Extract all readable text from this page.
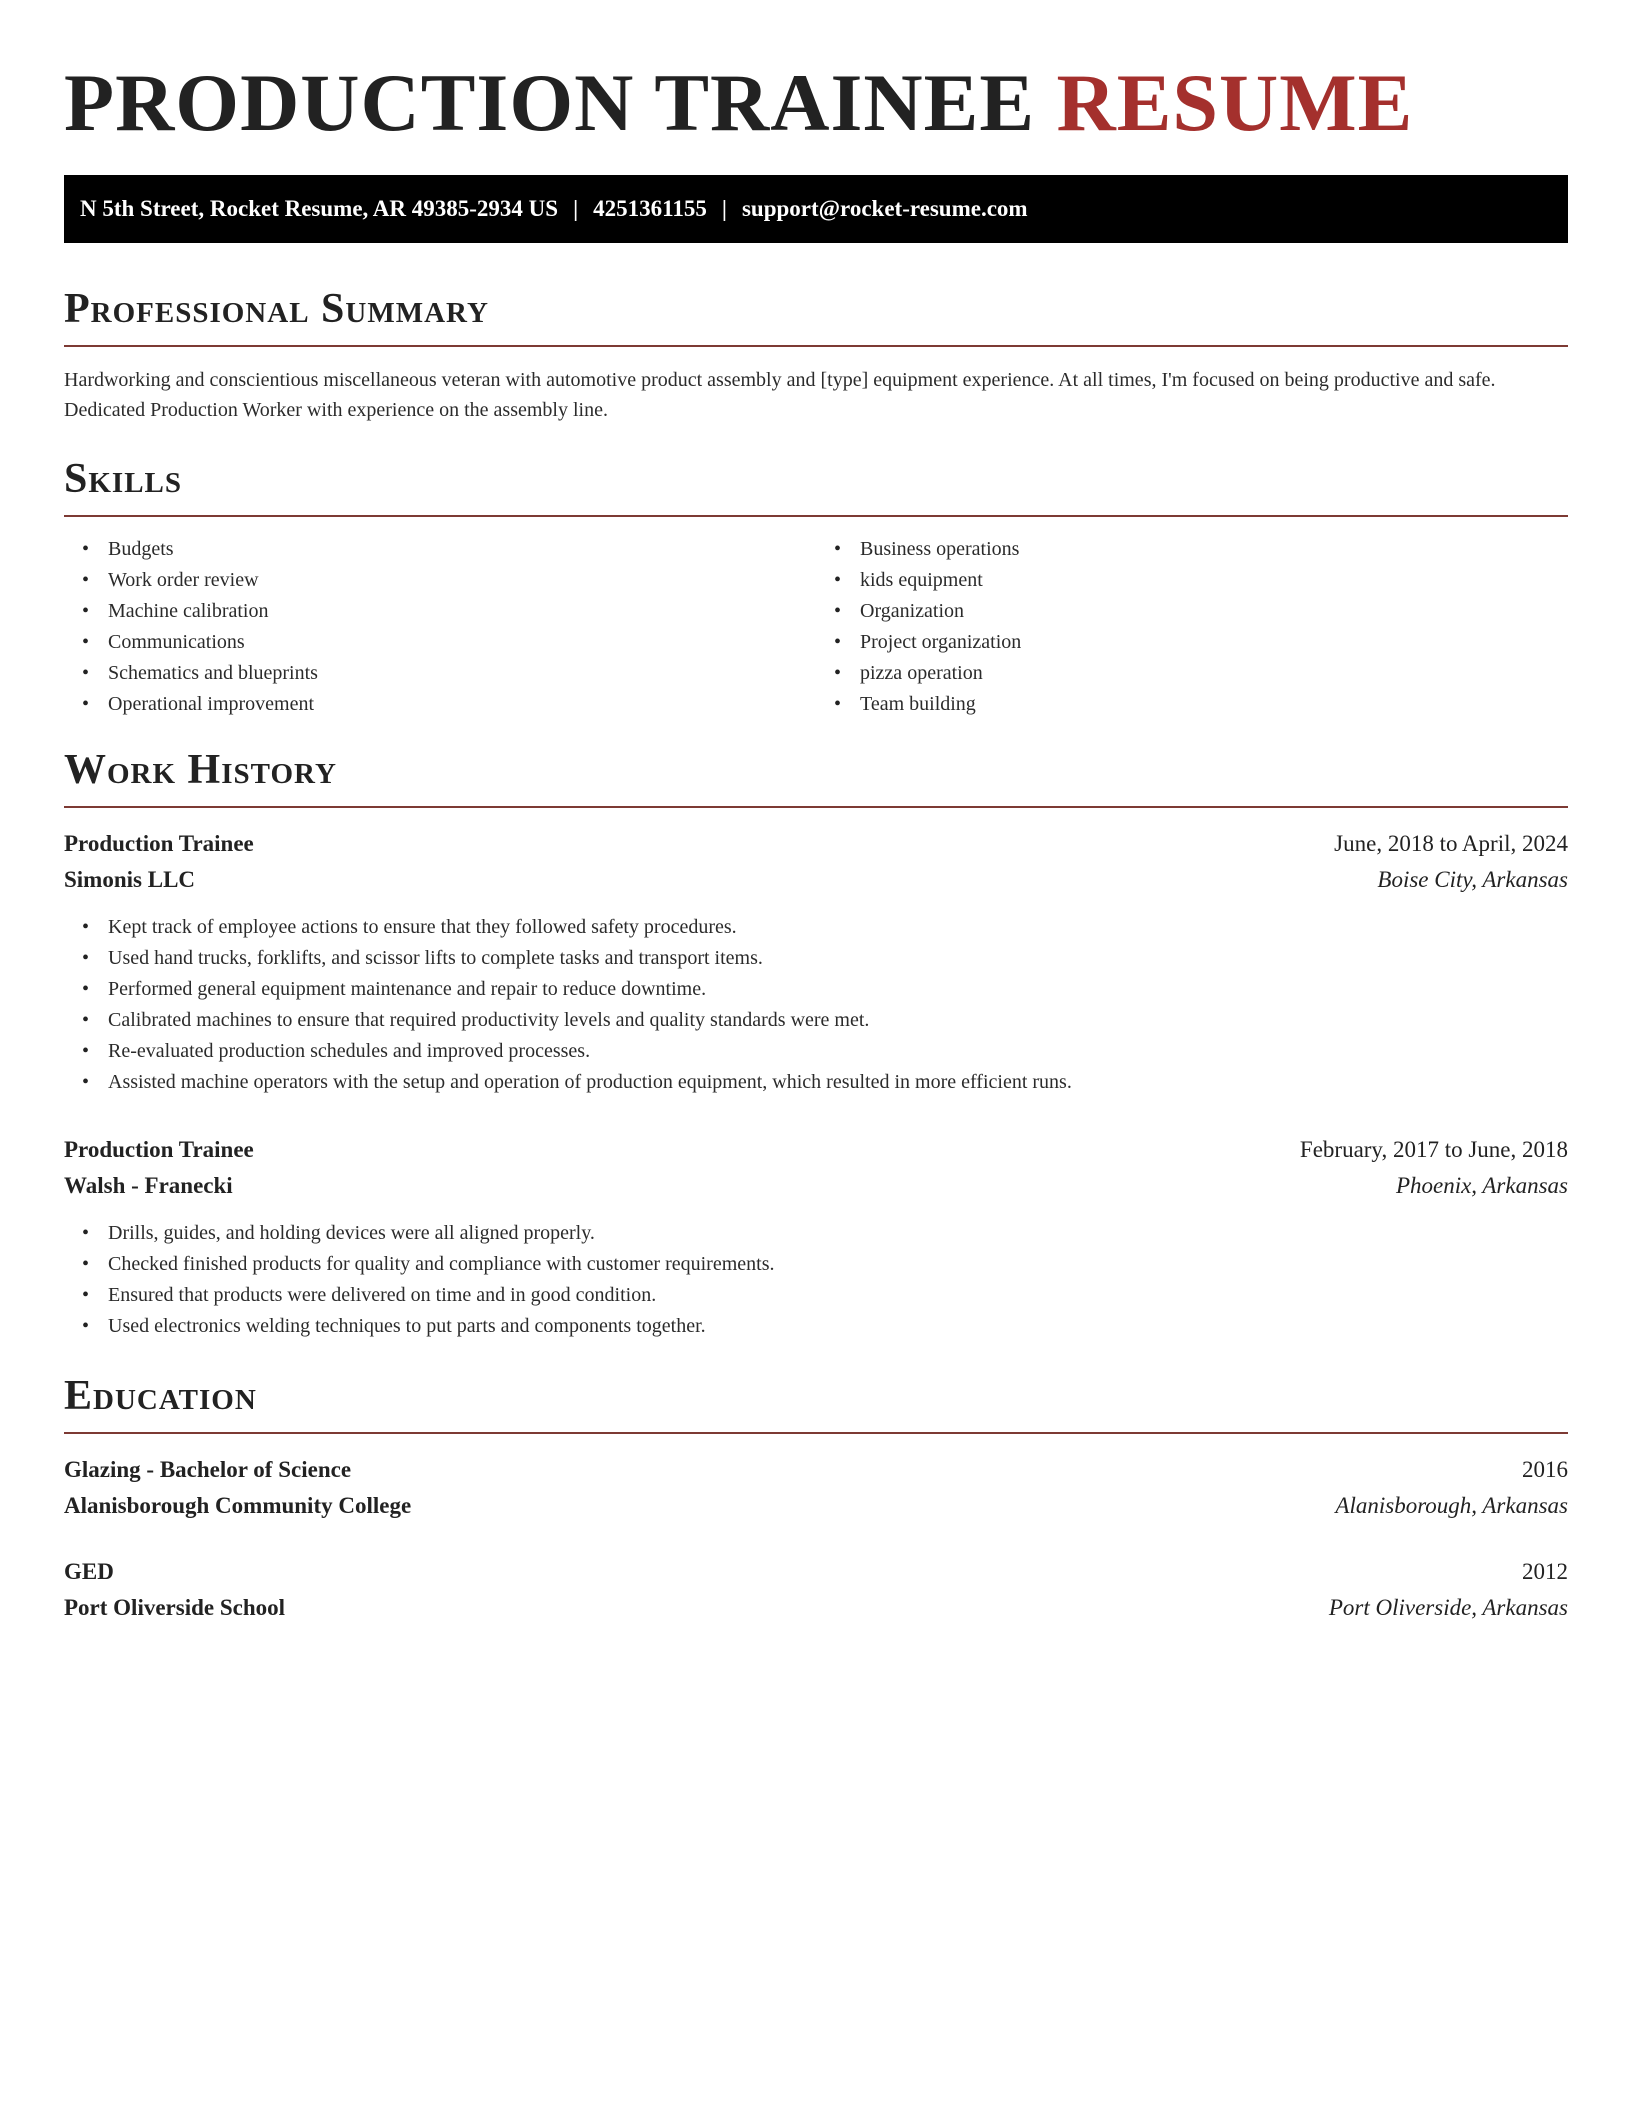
PRODUCTION TRAINEE RESUME
N 5th Street, Rocket Resume, AR 49385-2934 US | 4251361155 | support@rocket-resume.com
Professional Summary

Hardworking and conscientious miscellaneous veteran with automotive product assembly and [type] equipment experience. At all times, I'm focused on being productive and safe. Dedicated Production Worker with experience on the assembly line.

Skills
• Budgets
• Work order review
• Machine calibration
• Communications
• Schematics and blueprints
• Operational improvement
• Business operations
• kids equipment
• Organization
• Project organization
• pizza operation
• Team building
Work History
Production Trainee	June, 2018 to April, 2024
Simonis LLC	Boise City, Arkansas
• Kept track of employee actions to ensure that they followed safety procedures.
• Used hand trucks, forklifts, and scissor lifts to complete tasks and transport items.
• Performed general equipment maintenance and repair to reduce downtime.
• Calibrated machines to ensure that required productivity levels and quality standards were met.
• Re-evaluated production schedules and improved processes.
• Assisted machine operators with the setup and operation of production equipment, which resulted in more efficient runs.
Production Trainee	February, 2017 to June, 2018
Walsh - Franecki	Phoenix, Arkansas
• Drills, guides, and holding devices were all aligned properly.
• Checked finished products for quality and compliance with customer requirements.
• Ensured that products were delivered on time and in good condition.
• Used electronics welding techniques to put parts and components together.
Education
Glazing - Bachelor of Science	2016
Alanisborough Community College	Alanisborough, Arkansas
GED	2012
Port Oliverside School	Port Oliverside, Arkansas
